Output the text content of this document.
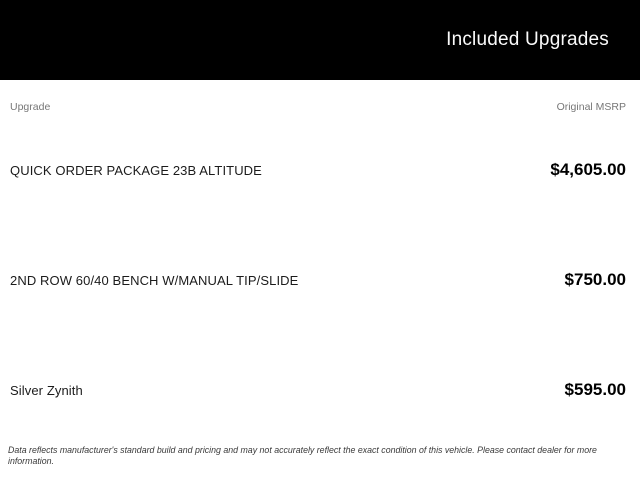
Included Upgrades
Upgrade	Original MSRP
QUICK ORDER PACKAGE 23B ALTITUDE	$4,605.00
2ND ROW 60/40 BENCH W/MANUAL TIP/SLIDE	$750.00
Silver Zynith	$595.00
Data reflects manufacturer's standard build and pricing and may not accurately reflect the exact condition of this vehicle. Please contact dealer for more information.
